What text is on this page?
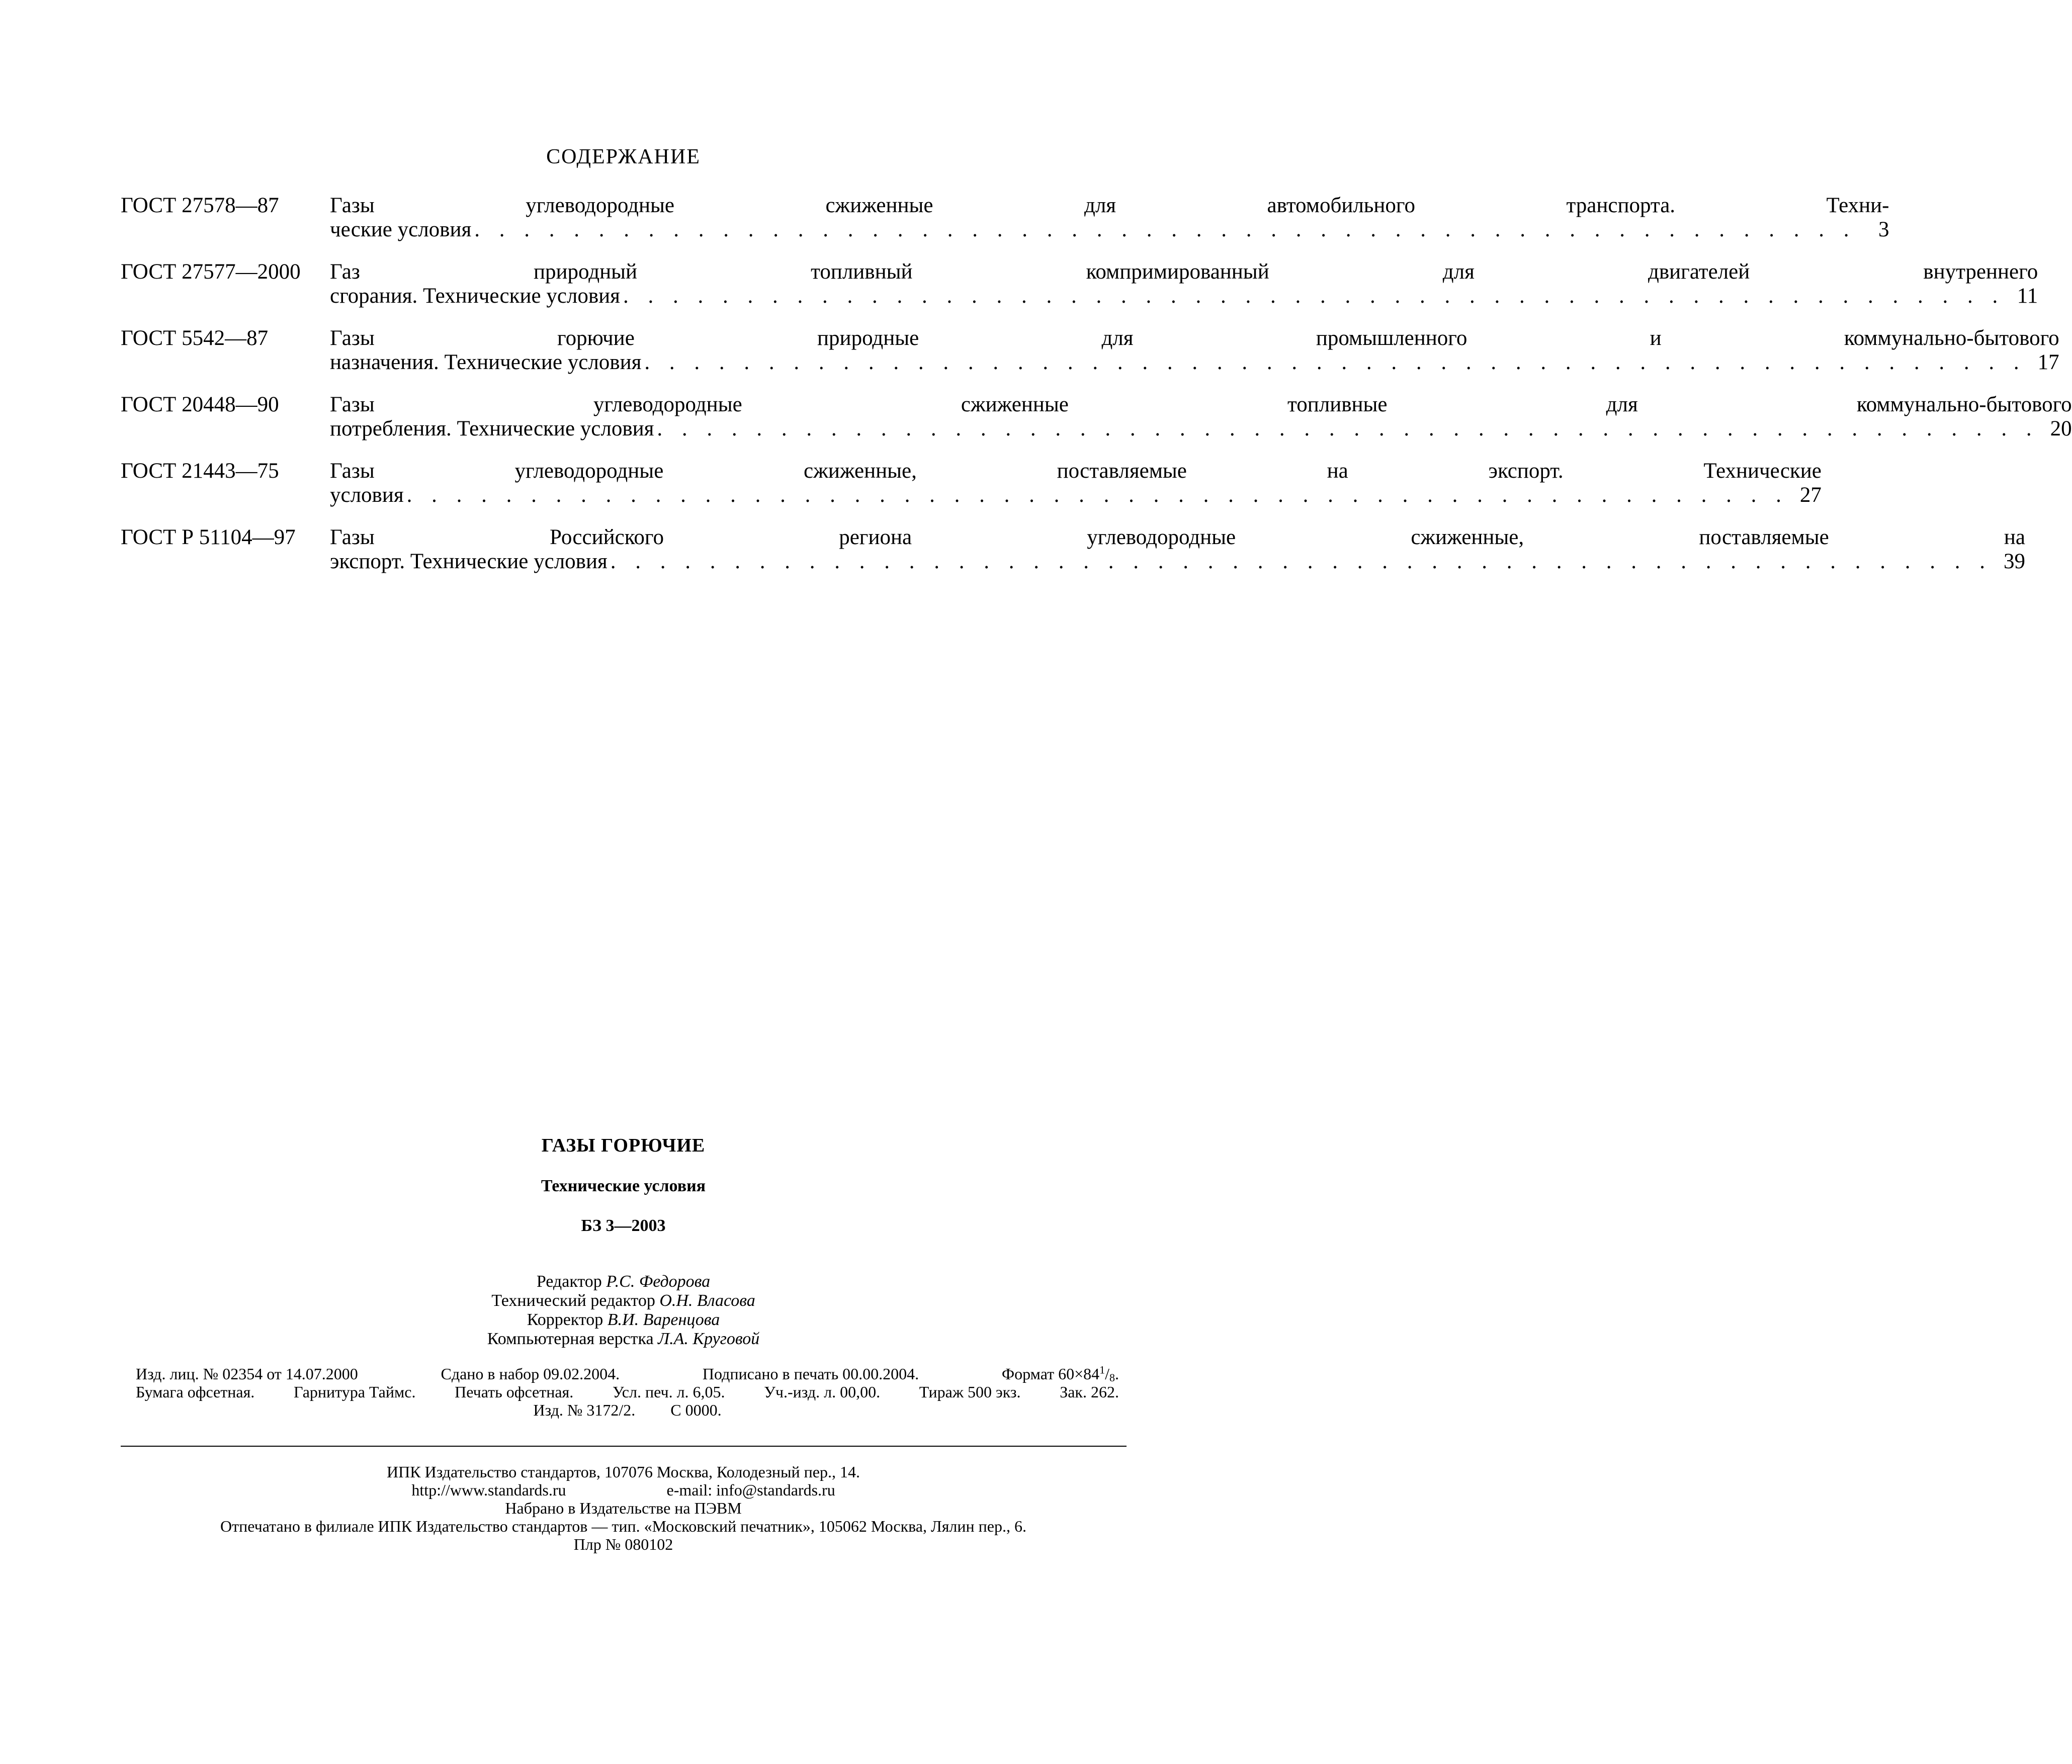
СОДЕРЖАНИЕ
ГОСТ 27578—87	Газы углеводородные сжиженные для автомобильного транспорта. Техни-
ческие условия . . . . . . . . . . . . . . . . . . . . . . . . . . . . . . . . . . . . . . . . . . . . . . . . . . . . . . . .	3
ГОСТ 27577—2000	Газ природный топливный компримированный для двигателей внутреннего
сгорания. Технические условия . . . . . . . . . . . . . . . . . . . . . . . . . . . . . . . . . . . . . . . . . . . . . . . . . . . . . . . . 11
ГОСТ 5542—87	Газы горючие природные для промышленного и коммунально-бытового
назначения. Технические условия . . . . . . . . . . . . . . . . . . . . . . . . . . . . . . . . . . . . . . . . . . . . . . . . . . . . . . . . 17
ГОСТ 20448—90	Газы углеводородные сжиженные топливные для коммунально-бытового
потребления. Технические условия . . . . . . . . . . . . . . . . . . . . . . . . . . . . . . . . . . . . . . . . . . . . . . . . . . . . . . . . 20
ГОСТ 21443—75	Газы углеводородные сжиженные, поставляемые на экспорт. Технические
условия . . . . . . . . . . . . . . . . . . . . . . . . . . . . . . . . . . . . . . . . . . . . . . . . . . . . . . . . 27
ГОСТ Р 51104—97	Газы Российского региона углеводородные сжиженные, поставляемые на
экспорт. Технические условия . . . . . . . . . . . . . . . . . . . . . . . . . . . . . . . . . . . . . . . . . . . . . . . . . . . . . . . . 39
ГАЗЫ ГОРЮЧИЕ
Технические условия
БЗ 3—2003
Редактор Р.С. Федорова
Технический редактор О.Н. Власова
Корректор В.И. Варенцова
Компьютерная верстка Л.А. Круговой
Изд. лиц. № 02354 от 14.07.2000	Сдано в набор 09.02.2004.	Подписано в печать 00.00.2004.	Формат $60\times 84^1/8$.
Бумага офсетная. Гарнитура Таймс. Печать офсетная. Усл. печ. л. 6,05. Уч.-изд. л. 00,00. Тираж 500 экз. Зак. 262.
Изд. № 3172/2. С 0000.
ИПК Издательство стандартов, 107076 Москва, Колодезный пер., 14.
http://www.standards.ru	e-mail: info@standards.ru
Набрано в Издательстве на ПЭВМ
Отпечатано в филиале ИПК Издательство стандартов — тип. «Московский печатник», 105062 Москва, Лялин пер., 6.
Плр № 080102
